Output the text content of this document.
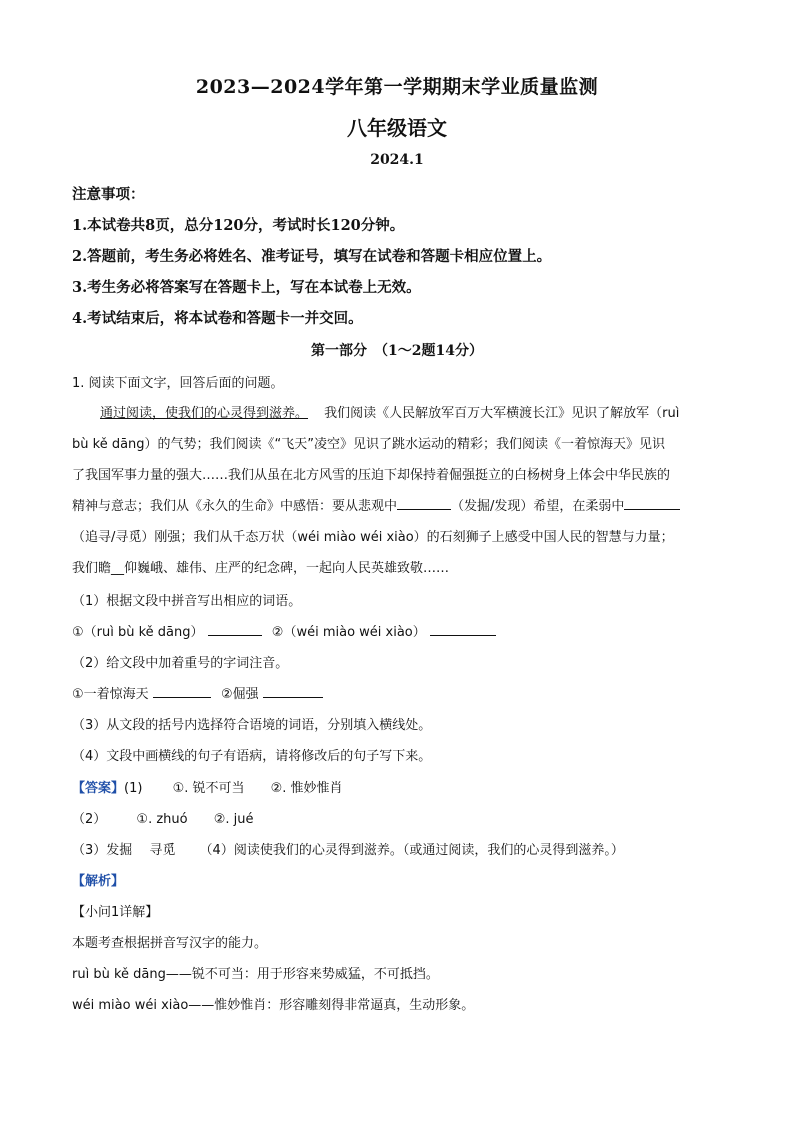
2023—2024学年第一学期期末学业质量监测
八年级语文
2024.1
注意事项：
1.本试卷共8页，总分120分，考试时长120分钟。
2.答题前，考生务必将姓名、准考证号，填写在试卷和答题卡相应位置上。
3.考生务必将答案写在答题卡上，写在本试卷上无效。
4.考试结束后，将本试卷和答题卡一并交回。
第一部分　（1～2题14分）
1. 阅读下面文字，回答后面的问题。
通过阅读，使我们的心灵得到滋养。 我们阅读《人民解放军百万大军横渡长江》见识了解放军（ruì
bù kě dāng）的气势；我们阅读《“飞天”凌空》见识了跳水运动的精彩；我们阅读《一着惊海天》见识
了我国军事力量的强大……我们从虽在北方风雪的压迫下却保持着倔强挺立的白杨树身上体会中华民族的
精神与意志；我们从《永久的生命》中感悟：要从悲观中	（发掘/发现）希望，在柔弱中
（追寻/寻觅）刚强；我们从千态万状（wéi miào wéi xiào）的石刻狮子上感受中国人民的智慧与力量；
我们瞻__仰巍峨、雄伟、庄严的纪念碑，一起向人民英雄致敬……
（1）根据文段中拼音写出相应的词语。
①（ruì bù kě dāng）	②（wéi miào wéi xiào）
（2）给文段中加着重号的字词注音。
①一着惊海天	②倔强
（3）从文段的括号内选择符合语境的词语，分别填入横线处。
（4）文段中画横线的句子有语病，请将修改后的句子写下来。
【答案】(1) ①. 锐不可当 ②. 惟妙惟肖
（2） ①. zhuó ②. jué
（3）发掘　 寻觅 （4）阅读使我们的心灵得到滋养。（或通过阅读，我们的心灵得到滋养。）
【解析】
【小问1详解】
本题考查根据拼音写汉字的能力。
ruì bù kě dāng——锐不可当：用于形容来势威猛，不可抵挡。
wéi miào wéi xiào——惟妙惟肖：形容雕刻得非常逼真，生动形象。
